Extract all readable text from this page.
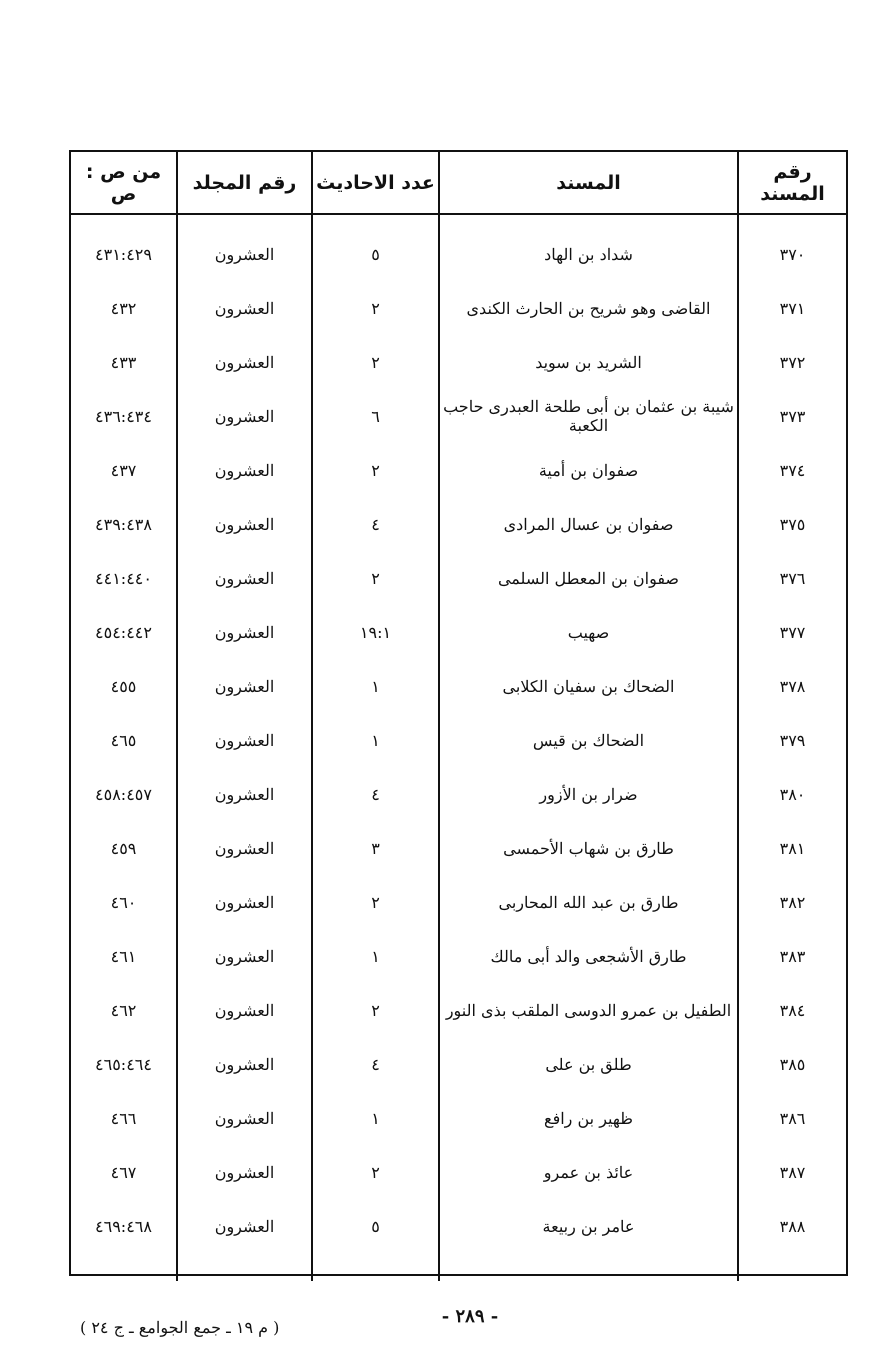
رقم المسند	المسند	عدد الاحاديث	رقم المجلد	من ص : ص

٣٧٠	شداد بن الهاد	٥	العشرون	٤٣١:٤٢٩
٣٧١	القاضى وهو شريح بن الحارث الكندى	٢	العشرون	٤٣٢
٣٧٢	الشريد بن سويد	٢	العشرون	٤٣٣
٣٧٣	شيبة بن عثمان بن أبى طلحة العبدرى حاجب الكعبة	٦	العشرون	٤٣٦:٤٣٤
٣٧٤	صفوان بن أمية	٢	العشرون	٤٣٧
٣٧٥	صفوان بن عسال المرادى	٤	العشرون	٤٣٩:٤٣٨
٣٧٦	صفوان بن المعطل السلمى	٢	العشرون	٤٤١:٤٤٠
٣٧٧	صهيب	١٩:١	العشرون	٤٥٤:٤٤٢
٣٧٨	الضحاك بن سفيان الكلابى	١	العشرون	٤٥٥
٣٧٩	الضحاك بن قيس	١	العشرون	٤٦٥
٣٨٠	ضرار بن الأزور	٤	العشرون	٤٥٨:٤٥٧
٣٨١	طارق بن شهاب الأحمسى	٣	العشرون	٤٥٩
٣٨٢	طارق بن عبد الله المحاربى	٢	العشرون	٤٦٠
٣٨٣	طارق الأشجعى والد أبى مالك	١	العشرون	٤٦١
٣٨٤	الطفيل بن عمرو الدوسى الملقب بذى النور	٢	العشرون	٤٦٢
٣٨٥	طلق بن على	٤	العشرون	٤٦٥:٤٦٤
٣٨٦	ظهير بن رافع	١	العشرون	٤٦٦
٣٨٧	عائذ بن عمرو	٢	العشرون	٤٦٧
٣٨٨	عامر بن ربيعة	٥	العشرون	٤٦٩:٤٦٨

- ٢٨٩ -
( م ١٩ ـ جمع الجوامع ـ ج ٢٤ )
